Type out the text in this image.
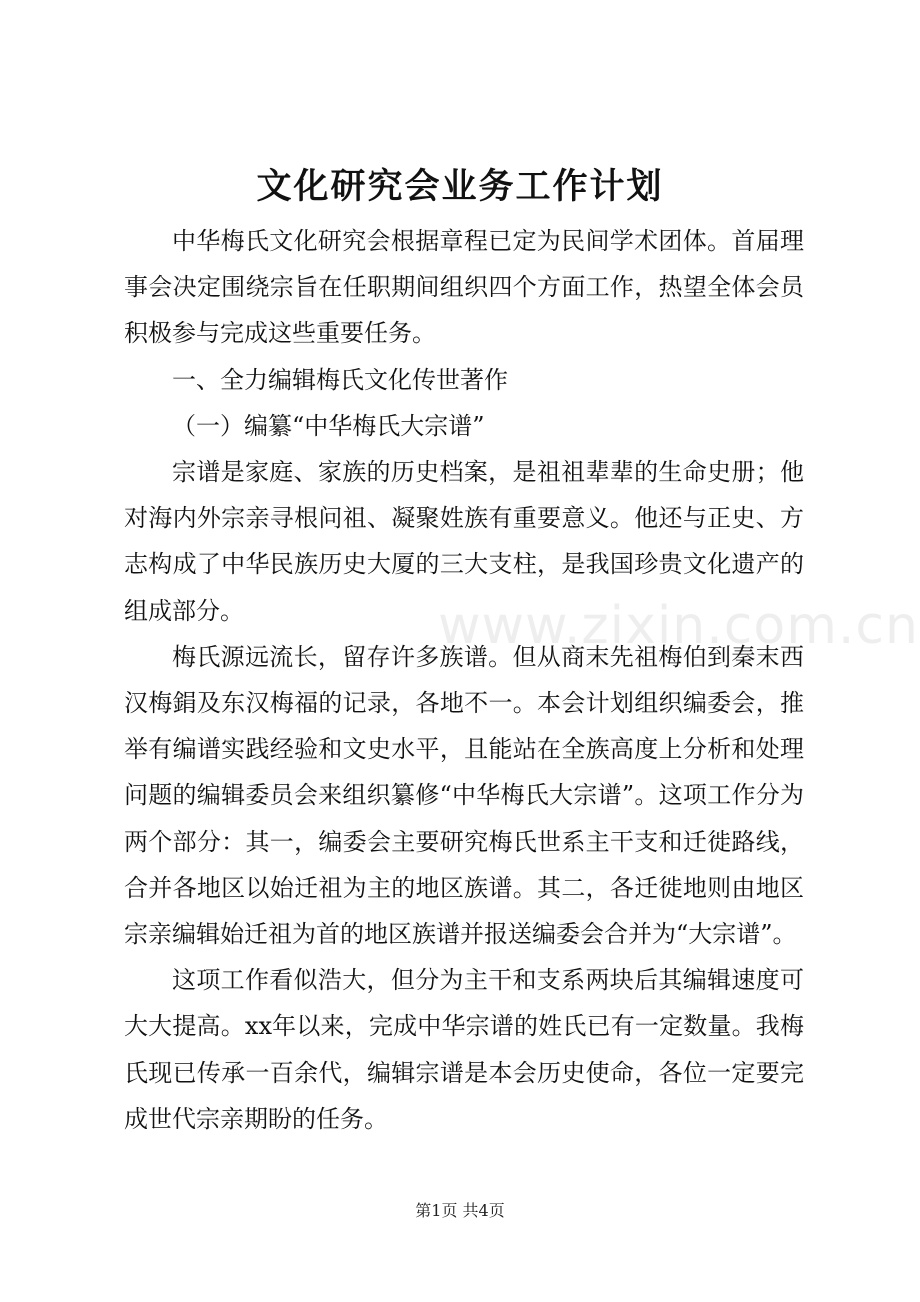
文化研究会业务工作计划

中华梅氏文化研究会根据章程已定为民间学术团体。首届理事会决定围绕宗旨在任职期间组织四个方面工作，热望全体会员积极参与完成这些重要任务。

一、全力编辑梅氏文化传世著作

（一）编纂“中华梅氏大宗谱”

宗谱是家庭、家族的历史档案，是祖祖辈辈的生命史册；他对海内外宗亲寻根问祖、凝聚姓族有重要意义。他还与正史、方志构成了中华民族历史大厦的三大支柱，是我国珍贵文化遗产的组成部分。

梅氏源远流长，留存许多族谱。但从商末先祖梅伯到秦末西汉梅鋗及东汉梅福的记录，各地不一。本会计划组织编委会，推举有编谱实践经验和文史水平，且能站在全族高度上分析和处理问题的编辑委员会来组织纂修“中华梅氏大宗谱”。这项工作分为两个部分：其一，编委会主要研究梅氏世系主干支和迁徙路线，合并各地区以始迁祖为主的地区族谱。其二，各迁徙地则由地区宗亲编辑始迁祖为首的地区族谱并报送编委会合并为“大宗谱”。

这项工作看似浩大，但分为主干和支系两块后其编辑速度可大大提高。xx年以来，完成中华宗谱的姓氏已有一定数量。我梅氏现已传承一百余代，编辑宗谱是本会历史使命，各位一定要完成世代宗亲期盼的任务。

www.zixin.com.cn
第1页 共4页
